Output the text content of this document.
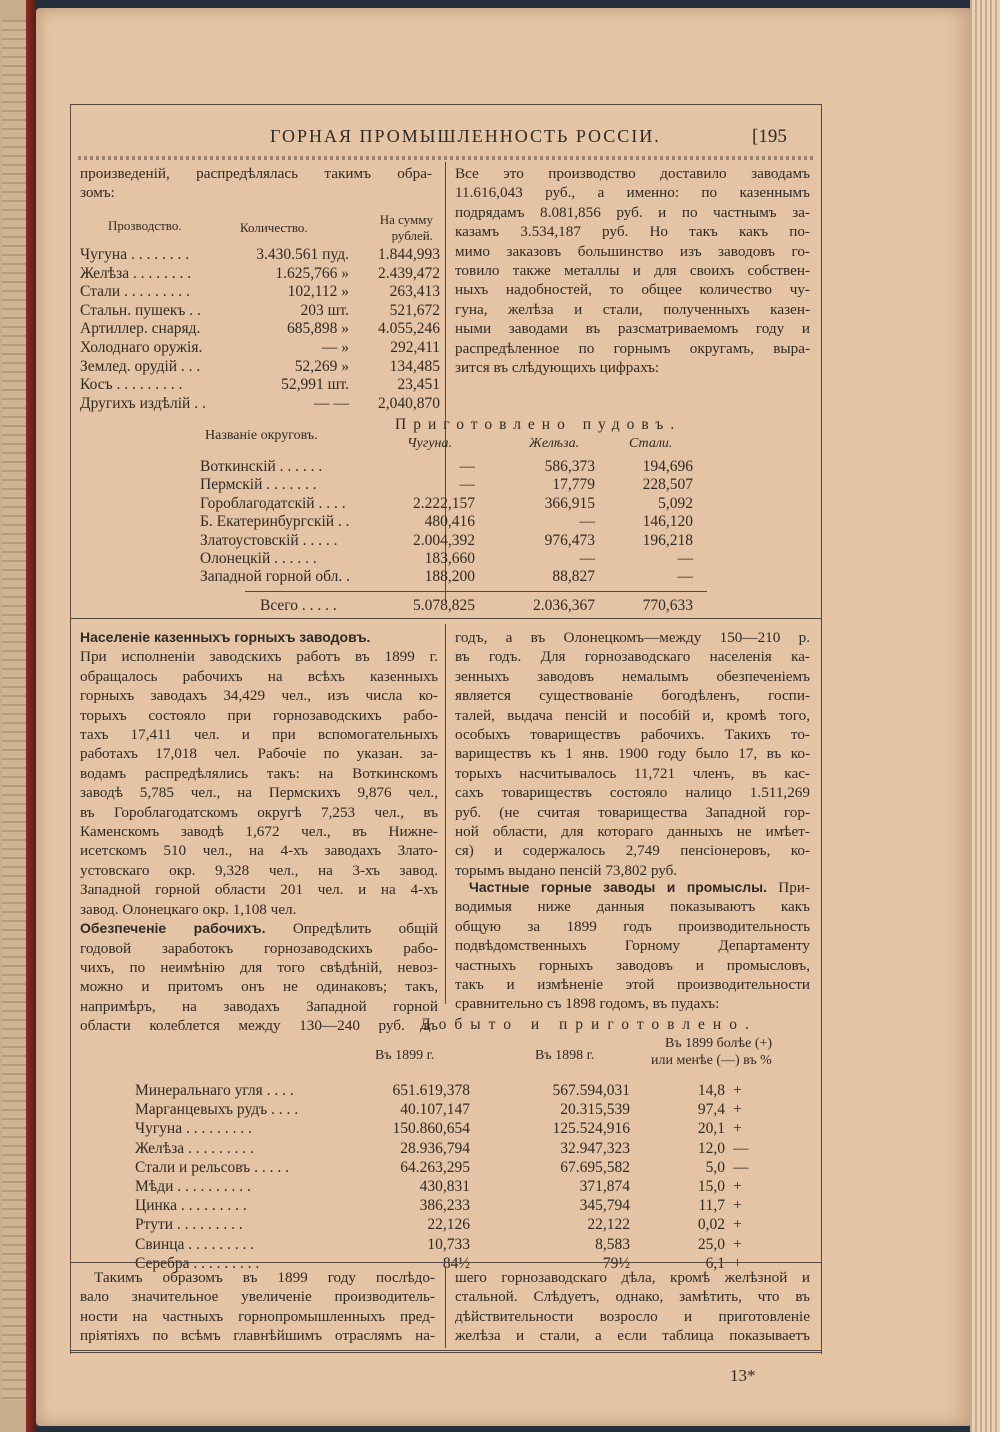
ГОРНАЯ ПРОМЫШЛЕННОСТЬ РОССІИ.	[195

произведеній, распредѣлялась такимъ обра-

зомъ:

Прозводство.	Количество.
На сумму
рублей.
Чугуна . . . . . . . .	3.430.561 пуд. 1.844,993
Желѣза . . . . . . . .	1.625,766 » 2.439,472
Стали . . . . . . . . .	102,112 »	263,413
Стальн. пушекъ . .	203 шт.	521,672
Артиллер. снаряд.	685,898 » 4.055,246
Холоднаго оружія.	— »	292,411
Землед. орудій . . .	52,269 »	134,485
Косъ . . . . . . . . .	52,991 шт.	23,451
Другихъ издѣлій . .	— — 2,040,870

Все это производство доставило заводамъ

11.616,043 руб., а именно: по казеннымъ

подрядамъ 8.081,856 руб. и по частнымъ за-

казамъ 3.534,187 руб. Но такъ какъ по-

мимо заказовъ большинство изъ заводовъ го-

товило также металлы и для своихъ собствен-

ныхъ надобностей, то общее количество чу-

гуна, желѣза и стали, полученныхъ казен-

ными заводами въ разсматриваемомъ году и

распредѣленное по горнымъ округамъ, выра-

зится въ слѣдующихъ цифрахъ:

Приготовлено пудовъ.
Названіе округовъ.
Чугуна.	Желѣза.	Стали.
Воткинскій . . . . . .	—	586,373	194,696
Пермскій . . . . . . .	—	17,779	228,507
Гороблагодатскій . . . .	2.222,157	366,915	5,092
Б. Екатеринбургскій . .	480,416	—	146,120
Златоустовскій . . . . .	2.004,392	976,473	196,218
Олонецкій . . . . . .	183,660	—	—
Западной горной обл. .	188,200	88,827	—
Всего . . . . .	5.078,825	2.036,367	770,633

Населеніе казенныхъ горныхъ заводовъ.

При исполненіи заводскихъ работъ въ 1899 г.

обращалось рабочихъ на всѣхъ казенныхъ

горныхъ заводахъ 34,429 чел., изъ числа ко-

торыхъ состояло при горнозаводскихъ рабо-

тахъ 17,411 чел. и при вспомогательныхъ

работахъ 17,018 чел. Рабочіе по указан. за-

водамъ распредѣлялись такъ: на Воткинскомъ

заводѣ 5,785 чел., на Пермскихъ 9,876 чел.,

въ Гороблагодатскомъ округѣ 7,253 чел., въ

Каменскомъ заводѣ 1,672 чел., въ Нижне-

исетскомъ 510 чел., на 4-хъ заводахъ Злато-

устовскаго окр. 9,328 чел., на 3-хъ завод.

Западной горной области 201 чел. и на 4-хъ

завод. Олонецкаго окр. 1,108 чел.

Обезпеченіе рабочихъ. Опредѣлить общій

годовой заработокъ горнозаводскихъ рабо-

чихъ, по неимѣнію для того свѣдѣній, невоз-

можно и притомъ онъ не одинаковъ; такъ,

напримѣръ, на заводахъ Западной горной

области колеблется между 130—240 руб. въ

годъ, а въ Олонецкомъ—между 150—210 р.

въ годъ. Для горнозаводскаго населенія ка-

зенныхъ заводовъ немалымъ обезпеченіемъ

является существованіе богодѣленъ, госпи-

талей, выдача пенсій и пособій и, кромѣ того,

особыхъ товариществъ рабочихъ. Такихъ то-

вариществъ къ 1 янв. 1900 году было 17, въ ко-

торыхъ насчитывалось 11,721 членъ, въ кас-

сахъ товариществъ состояло налицо 1.511,269

руб. (не считая товарищества Западной гор-

ной области, для котораго данныхъ не имѣет-

ся) и содержалось 2,749 пенсіонеровъ, ко-

торымъ выдано пенсій 73,802 руб.

Частные горные заводы и промыслы. При-

водимыя ниже данныя показываютъ какъ

общую за 1899 годъ производительность

подвѣдомственныхъ Горному Департаменту

частныхъ горныхъ заводовъ и промысловъ,

такъ и измѣненіе этой производительности

сравнительно съ 1898 годомъ, въ пудахъ:

Добыто и приготовлено.
Въ 1899 г.	Въ 1898 г.
Въ 1899 болѣе (+)
или менѣе (—) въ %
Минеральнаго угля . . . .	651.619,378	567.594,031	14,8 +
Марганцевыхъ рудъ . . . .	40.107,147	20.315,539	97,4 +
Чугуна . . . . . . . . .	150.860,654	125.524,916	20,1 +
Желѣза . . . . . . . . .	28.936,794	32.947,323	12,0 —
Стали и рельсовъ . . . . .	64.263,295	67.695,582	5,0 —
Мѣди . . . . . . . . . .	430,831	371,874	15,0 +
Цинка . . . . . . . . .	386,233	345,794	11,7 +
Ртути . . . . . . . . .	22,126	22,122	0,02 +
Свинца . . . . . . . . .	10,733	8,583	25,0 +
Серебра . . . . . . . . .	84½	79½	6,1 +

Такимъ образомъ въ 1899 году послѣдо-

вало значительное увеличеніе производитель-

ности на частныхъ горнопромышленныхъ пред-

пріятіяхъ по всѣмъ главнѣйшимъ отраслямъ на-

шего горнозаводскаго дѣла, кромѣ желѣзной и

стальной. Слѣдуетъ, однако, замѣтить, что въ

дѣйствительности возросло и приготовленіе

желѣза и стали, а если таблица показываетъ

13*
